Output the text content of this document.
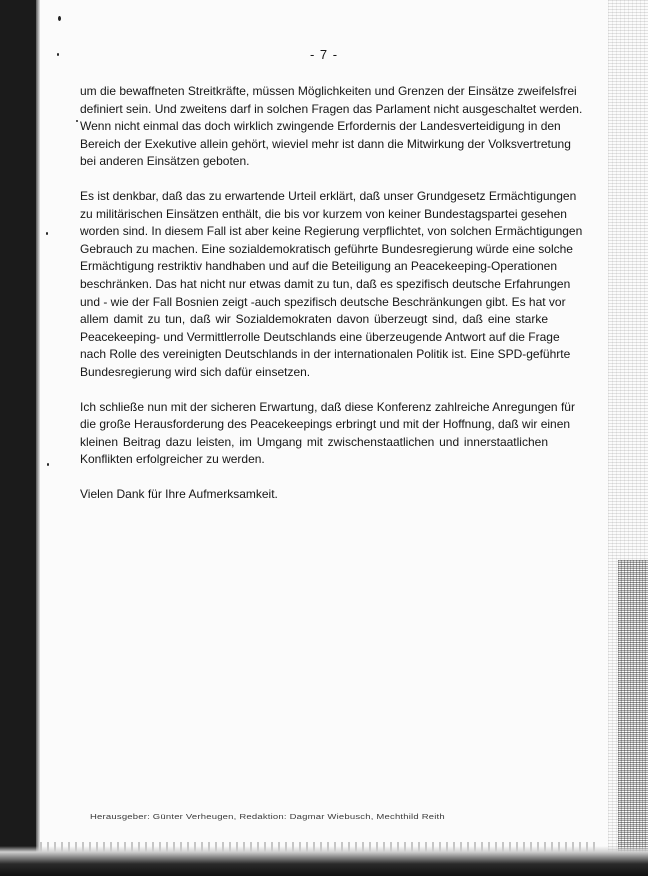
- 7 -
um die bewaffneten Streitkräfte, müssen Möglichkeiten und Grenzen der Einsätze zweifelsfrei
definiert sein. Und zweitens darf in solchen Fragen das Parlament nicht ausgeschaltet werden.
Wenn nicht einmal das doch wirklich zwingende Erfordernis der Landesverteidigung in den
Bereich der Exekutive allein gehört, wieviel mehr ist dann die Mitwirkung der Volksvertretung
bei anderen Einsätzen geboten.
Es ist denkbar, daß das zu erwartende Urteil erklärt, daß unser Grundgesetz Ermächtigungen
zu militärischen Einsätzen enthält, die bis vor kurzem von keiner Bundestagspartei gesehen
worden sind. In diesem Fall ist aber keine Regierung verpflichtet, von solchen Ermächtigungen
Gebrauch zu machen. Eine sozialdemokratisch geführte Bundesregierung würde eine solche
Ermächtigung restriktiv handhaben und auf die Beteiligung an Peacekeeping-Operationen
beschränken. Das hat nicht nur etwas damit zu tun, daß es spezifisch deutsche Erfahrungen
und - wie der Fall Bosnien zeigt -auch spezifisch deutsche Beschränkungen gibt. Es hat vor
allem damit zu tun, daß wir Sozialdemokraten davon überzeugt sind, daß eine starke
Peacekeeping- und Vermittlerrolle Deutschlands eine überzeugende Antwort auf die Frage
nach Rolle des vereinigten Deutschlands in der internationalen Politik ist. Eine SPD-geführte
Bundesregierung wird sich dafür einsetzen.
Ich schließe nun mit der sicheren Erwartung, daß diese Konferenz zahlreiche Anregungen für
die große Herausforderung des Peacekeepings erbringt und mit der Hoffnung, daß wir einen
kleinen Beitrag dazu leisten, im Umgang mit zwischenstaatlichen und innerstaatlichen
Konflikten erfolgreicher zu werden.
Vielen Dank für Ihre Aufmerksamkeit.
Herausgeber: Günter Verheugen, Redaktion: Dagmar Wiebusch, Mechthild Reith
